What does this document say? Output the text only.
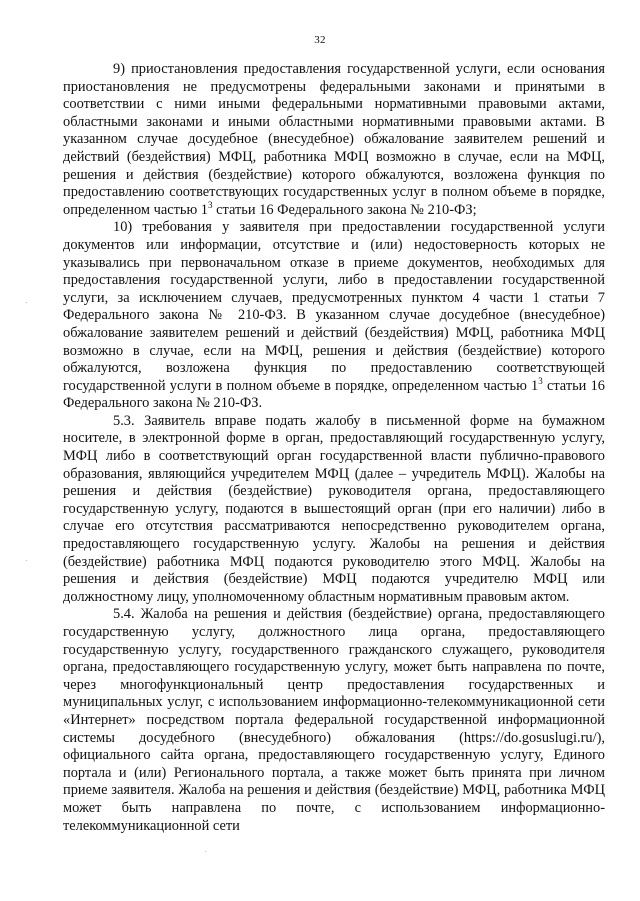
32

9) приостановления предоставления государственной услуги, если основания приостановления не предусмотрены федеральными законами и принятыми в соответствии с ними иными федеральными нормативными правовыми актами, областными законами и иными областными нормативными правовыми актами. В указанном случае досудебное (внесудебное) обжалование заявителем решений и действий (бездействия) МФЦ, работника МФЦ возможно в случае, если на МФЦ, решения и действия (бездействие) которого обжалуются, возложена функция по предоставлению соответствующих государственных услуг в полном объеме в порядке, определенном частью $1^3$ статьи 16 Федерального закона № 210-ФЗ;

10) требования у заявителя при предоставлении государственной услуги документов или информации, отсутствие и (или) недостоверность которых не указывались при первоначальном отказе в приеме документов, необходимых для предоставления государственной услуги, либо в предоставлении государственной услуги, за исключением случаев, предусмотренных пунктом 4 части 1 статьи 7 Федерального закона № 210-ФЗ. В указанном случае досудебное (внесудебное) обжалование заявителем решений и действий (бездействия) МФЦ, работника МФЦ возможно в случае, если на МФЦ, решения и действия (бездействие) которого обжалуются, возложена функция по предоставлению соответствующей государственной услуги в полном объеме в порядке, определенном частью $1^3$ статьи 16 Федерального закона № 210-ФЗ.

5.3. Заявитель вправе подать жалобу в письменной форме на бумажном носителе, в электронной форме в орган, предоставляющий государственную услугу, МФЦ либо в соответствующий орган государственной власти публично-правового образования, являющийся учредителем МФЦ (далее – учредитель МФЦ). Жалобы на решения и действия (бездействие) руководителя органа, предоставляющего государственную услугу, подаются в вышестоящий орган (при его наличии) либо в случае его отсутствия рассматриваются непосредственно руководителем органа, предоставляющего государственную услугу. Жалобы на решения и действия (бездействие) работника МФЦ подаются руководителю этого МФЦ. Жалобы на решения и действия (бездействие) МФЦ подаются учредителю МФЦ или должностному лицу, уполномоченному областным нормативным правовым актом.

5.4. Жалоба на решения и действия (бездействие) органа, предоставляющего государственную услугу, должностного лица органа, предоставляющего государственную услугу, государственного гражданского служащего, руководителя органа, предоставляющего государственную услугу, может быть направлена по почте, через многофункциональный центр предоставления государственных и муниципальных услуг, с использованием информационно-телекоммуникационной сети «Интернет» посредством портала федеральной государственной информационной системы досудебного (внесудебного) обжалования (https://do.gosuslugi.ru/), официального сайта органа, предоставляющего государственную услугу, Единого портала и (или) Регионального портала, а также может быть принята при личном приеме заявителя. Жалоба на решения и действия (бездействие) МФЦ, работника МФЦ может быть направлена по почте, с использованием информационно-телекоммуникационной сети
